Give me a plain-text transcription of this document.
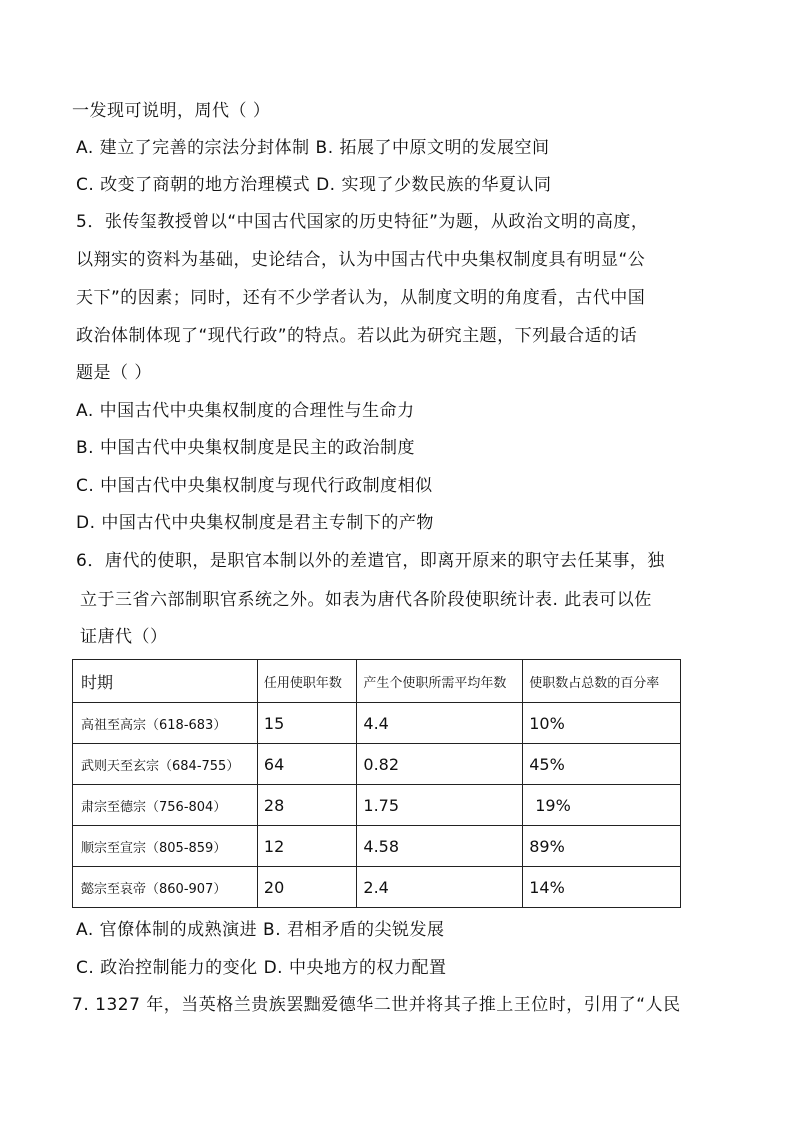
一发现可说明，周代（ ）
A. 建立了完善的宗法分封体制 B. 拓展了中原文明的发展空间
C. 改变了商朝的地方治理模式 D. 实现了少数民族的华夏认同
5．张传玺教授曾以“中国古代国家的历史特征”为题，从政治文明的高度，
以翔实的资料为基础，史论结合，认为中国古代中央集权制度具有明显“公
天下”的因素；同时，还有不少学者认为，从制度文明的角度看，古代中国
政治体制体现了“现代行政”的特点。若以此为研究主题，下列最合适的话
题是（ ）
A. 中国古代中央集权制度的合理性与生命力
B. 中国古代中央集权制度是民主的政治制度
C. 中国古代中央集权制度与现代行政制度相似
D. 中国古代中央集权制度是君主专制下的产物
6．唐代的使职，是职官本制以外的差遣官，即离开原来的职守去任某事，独
立于三省六部制职官系统之外。如表为唐代各阶段使职统计表. 此表可以佐
证唐代（）
时期	任用使职年数	产生个使职所需平均年数	使职数占总数的百分率
高祖至高宗（618-683）	15	4.4	10%
武则天至玄宗（684-755）	64	0.82	45%
肃宗至德宗（756-804）	28	1.75	19%
顺宗至宣宗（805-859）	12	4.58	89%
懿宗至哀帝（860-907）	20	2.4	14%
A. 官僚体制的成熟演进 B. 君相矛盾的尖锐发展
C. 政治控制能力的变化 D. 中央地方的权力配置
7. 1327 年，当英格兰贵族罢黜爱德华二世并将其子推上王位时，引用了“人民
